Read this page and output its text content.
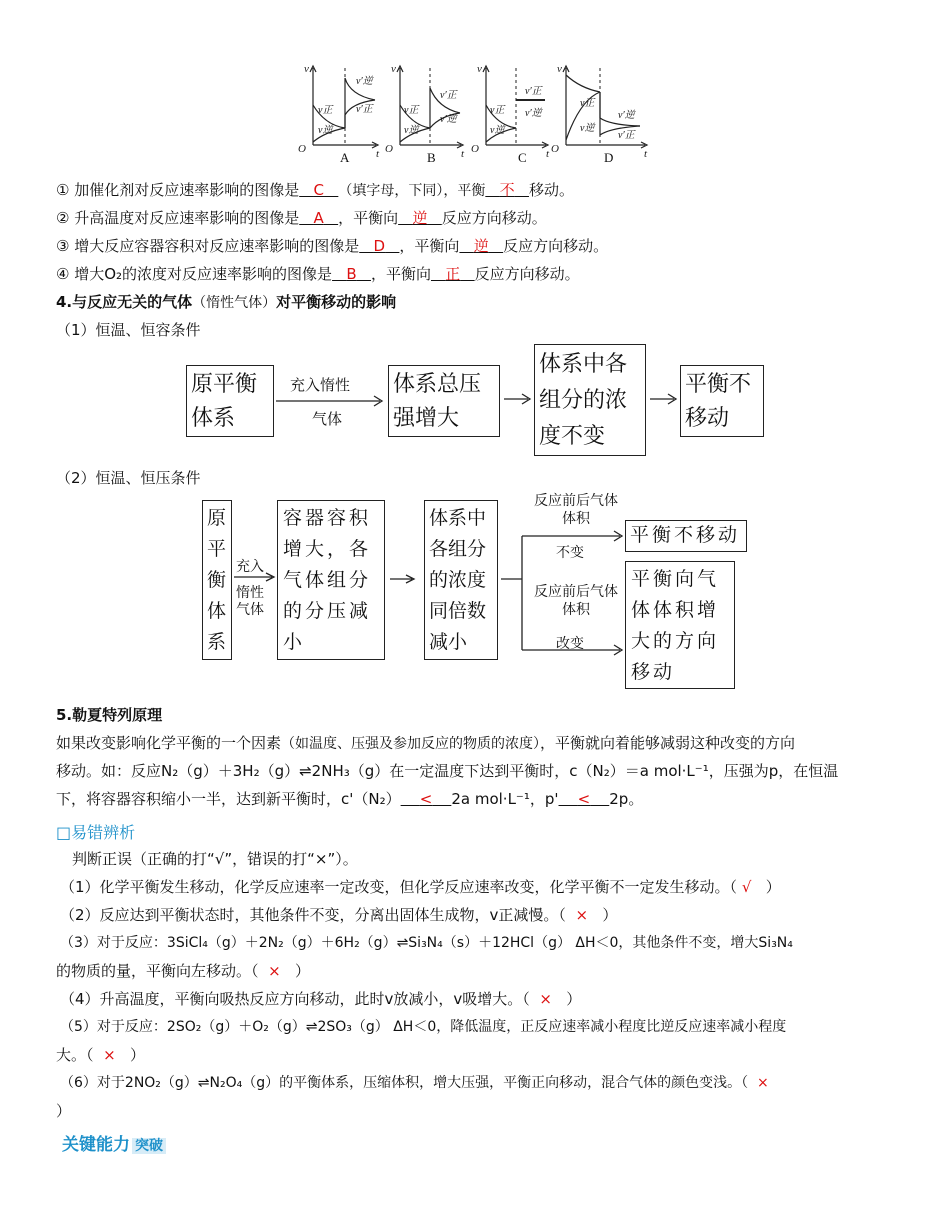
v
t
O
v
t
O
v
t
O
v
t
O
A	B	C	D
v正
v逆
v′逆
v′正	v正
v逆
v′正
v′逆
v正
v逆
v′正
v′逆
v正
v逆
v′逆
v′正
① 加催化剂对反应速率影响的图像是 C （填字母，下同），平衡 不 移动。
② 升高温度对反应速率影响的图像是 A ，平衡向 逆 反应方向移动。
③ 增大反应容器容积对反应速率影响的图像是 D ，平衡向 逆 反应方向移动。
④ 增大O₂的浓度对反应速率影响的图像是 B ，平衡向 正 反应方向移动。
4.与反应无关的气体（惰性气体）对平衡移动的影响
（1）恒温、恒容条件
原平衡体系
充入惰性
气体
体系总压强增大
体系中各组分的浓度不变
平衡不移动
（2）恒温、恒压条件
原平衡体系
充入
惰性气体
容器容积增大，各气体组分的分压减小
体系中各组分的浓度同倍数减小
反应前后气体体积
不变
平衡不移动
反应前后气体体积
改变
平衡向气体体积增大的方向移动
5.勒夏特列原理
如果改变影响化学平衡的一个因素（如温度、压强及参加反应的物质的浓度），平衡就向着能够减弱这种改变的方向
移动。如：反应N₂（g）＋3H₂（g）⇌2NH₃（g）在一定温度下达到平衡时，c（N₂）＝a mol·L⁻¹，压强为p，在恒温
下，将容器容积缩小一半，达到新平衡时，c'（N₂） < 2a mol·L⁻¹，p' < 2p。
□易错辨析
判断正误（正确的打“√”，错误的打“×”）。
（1）化学平衡发生移动，化学反应速率一定改变，但化学反应速率改变，化学平衡不一定发生移动。（ √ ）
（2）反应达到平衡状态时，其他条件不变，分离出固体生成物，v正减慢。（ × ）
（3）对于反应：3SiCl₄（g）＋2N₂（g）＋6H₂（g）⇌Si₃N₄（s）＋12HCl（g） ΔH＜0，其他条件不变，增大Si₃N₄
的物质的量，平衡向左移动。（ × ）
（4）升高温度，平衡向吸热反应方向移动，此时v放减小，v吸增大。（ × ）
（5）对于反应：2SO₂（g）＋O₂（g）⇌2SO₃（g） ΔH＜0，降低温度，正反应速率减小程度比逆反应速率减小程度
大。（ × ）
（6）对于2NO₂（g）⇌N₂O₄（g）的平衡体系，压缩体积，增大压强，平衡正向移动，混合气体的颜色变浅。（ ×
）
关键能力 突破
